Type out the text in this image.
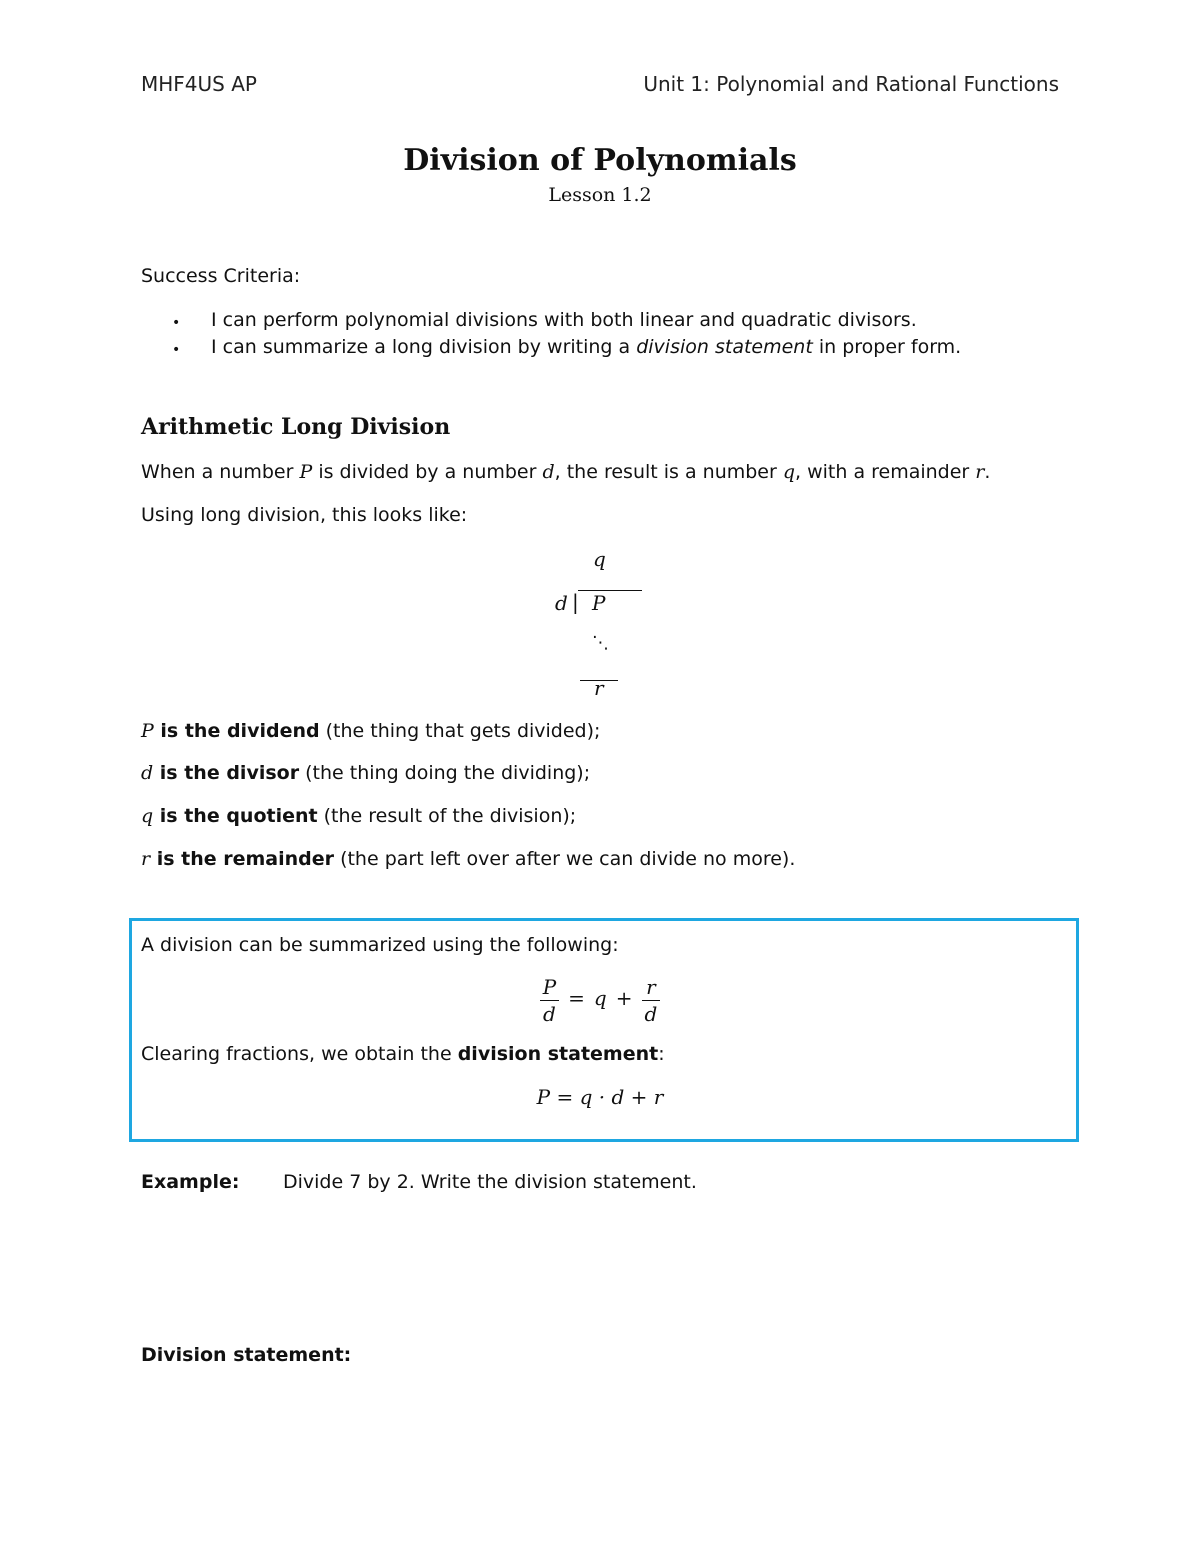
MHF4US AP	Unit 1: Polynomial and Rational Functions
Division of Polynomials
Lesson 1.2
Success Criteria:
• I can perform polynomial divisions with both linear and quadratic divisors.
• I can summarize a long division by writing a division statement in proper form.
Arithmetic Long Division
When a number P is divided by a number d, the result is a number q, with a remainder r.
Using long division, this looks like:
q
d | P
⋱
r
P is the dividend (the thing that gets divided);
d is the divisor (the thing doing the dividing);
q is the quotient (the result of the division);
r is the remainder (the part left over after we can divide no more).
A division can be summarized using the following:
$\frac{P}{d} = q + \frac{r}{d}$
Clearing fractions, we obtain the division statement:
P = q · d + r
Example: Divide 7 by 2. Write the division statement.
Division statement:
